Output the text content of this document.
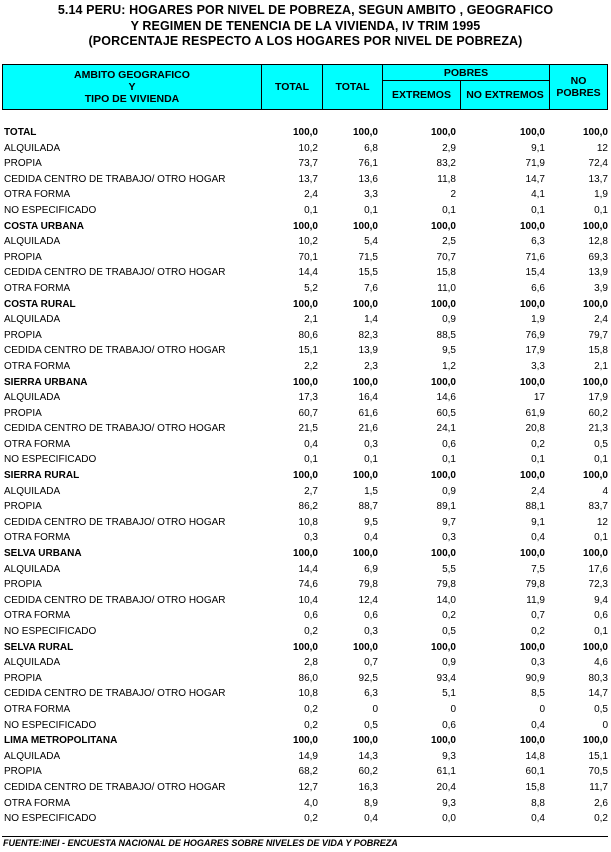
5.14 PERU: HOGARES POR NIVEL DE POBREZA, SEGUN AMBITO , GEOGRAFICO
Y REGIMEN DE TENENCIA DE LA VIVIENDA, IV TRIM 1995
(PORCENTAJE RESPECTO A LOS HOGARES POR NIVEL DE POBREZA)
AMBITO GEOGRAFICO
Y
TIPO DE VIVIENDA
TOTAL	TOTAL
POBRES
EXTREMOS	NO EXTREMOS
NO
POBRES
TOTAL	100,0	100,0	100,0	100,0	100,0
ALQUILADA	10,2	6,8	2,9	9,1	12
PROPIA	73,7	76,1	83,2	71,9	72,4
CEDIDA CENTRO DE TRABAJO/ OTRO HOGAR	13,7	13,6	11,8	14,7	13,7
OTRA FORMA	2,4	3,3	2	4,1	1,9
NO ESPECIFICADO	0,1	0,1	0,1	0,1	0,1
COSTA URBANA	100,0	100,0	100,0	100,0	100,0
ALQUILADA	10,2	5,4	2,5	6,3	12,8
PROPIA	70,1	71,5	70,7	71,6	69,3
CEDIDA CENTRO DE TRABAJO/ OTRO HOGAR	14,4	15,5	15,8	15,4	13,9
OTRA FORMA	5,2	7,6	11,0	6,6	3,9
COSTA RURAL	100,0	100,0	100,0	100,0	100,0
ALQUILADA	2,1	1,4	0,9	1,9	2,4
PROPIA	80,6	82,3	88,5	76,9	79,7
CEDIDA CENTRO DE TRABAJO/ OTRO HOGAR	15,1	13,9	9,5	17,9	15,8
OTRA FORMA	2,2	2,3	1,2	3,3	2,1
SIERRA URBANA	100,0	100,0	100,0	100,0	100,0
ALQUILADA	17,3	16,4	14,6	17	17,9
PROPIA	60,7	61,6	60,5	61,9	60,2
CEDIDA CENTRO DE TRABAJO/ OTRO HOGAR	21,5	21,6	24,1	20,8	21,3
OTRA FORMA	0,4	0,3	0,6	0,2	0,5
NO ESPECIFICADO	0,1	0,1	0,1	0,1	0,1
SIERRA RURAL	100,0	100,0	100,0	100,0	100,0
ALQUILADA	2,7	1,5	0,9	2,4	4
PROPIA	86,2	88,7	89,1	88,1	83,7
CEDIDA CENTRO DE TRABAJO/ OTRO HOGAR	10,8	9,5	9,7	9,1	12
OTRA FORMA	0,3	0,4	0,3	0,4	0,1
SELVA URBANA	100,0	100,0	100,0	100,0	100,0
ALQUILADA	14,4	6,9	5,5	7,5	17,6
PROPIA	74,6	79,8	79,8	79,8	72,3
CEDIDA CENTRO DE TRABAJO/ OTRO HOGAR	10,4	12,4	14,0	11,9	9,4
OTRA FORMA	0,6	0,6	0,2	0,7	0,6
NO ESPECIFICADO	0,2	0,3	0,5	0,2	0,1
SELVA RURAL	100,0	100,0	100,0	100,0	100,0
ALQUILADA	2,8	0,7	0,9	0,3	4,6
PROPIA	86,0	92,5	93,4	90,9	80,3
CEDIDA CENTRO DE TRABAJO/ OTRO HOGAR	10,8	6,3	5,1	8,5	14,7
OTRA FORMA	0,2	0	0	0	0,5
NO ESPECIFICADO	0,2	0,5	0,6	0,4	0
LIMA METROPOLITANA	100,0	100,0	100,0	100,0	100,0
ALQUILADA	14,9	14,3	9,3	14,8	15,1
PROPIA	68,2	60,2	61,1	60,1	70,5
CEDIDA CENTRO DE TRABAJO/ OTRO HOGAR	12,7	16,3	20,4	15,8	11,7
OTRA FORMA	4,0	8,9	9,3	8,8	2,6
NO ESPECIFICADO	0,2	0,4	0,0	0,4	0,2
FUENTE:INEI - ENCUESTA NACIONAL DE HOGARES SOBRE NIVELES DE VIDA Y POBREZA
